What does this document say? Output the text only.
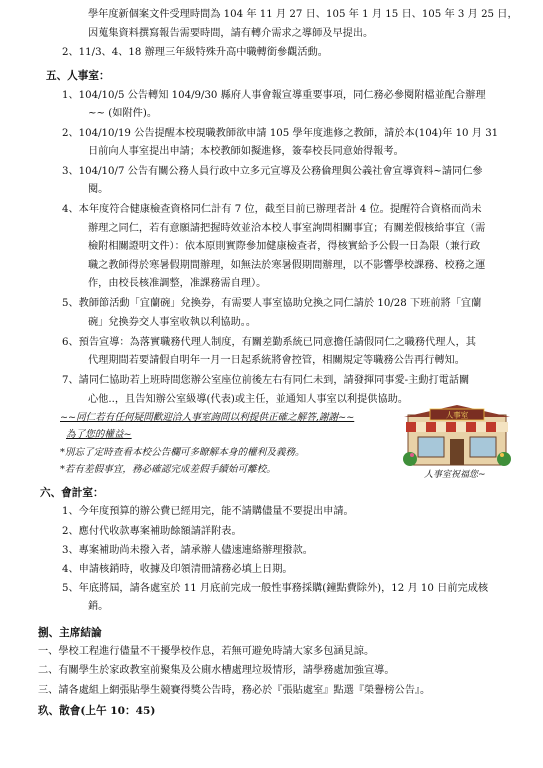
學年度新個案文件受理時間為 104 年 11 月 27 日、105 年 1 月 15 日、105 年 3 月 25 日，
因蒐集資料撰寫報告需要時間，請有轉介需求之導師及早提出。
2、11/3、4、18 辦理三年級特殊升高中職轉銜參觀活動。
五、人事室：
1、104/10/5 公告轉知 104/9/30 縣府人事會報宣導重要事項，同仁務必參閱附檔並配合辦理
~~ (如附件)。
2、104/10/19 公告提醒本校現職教師欲申請 105 學年度進修之教師，請於本(104)年 10 月 31
日前向人事室提出申請；本校教師如擬進修，簽奉校長同意始得報考。
3、104/10/7 公告有關公務人員行政中立多元宣導及公務倫理與公義社會宣導資料~請同仁參
閱。
4、本年度符合健康檢查資格同仁計有 7 位，截至目前已辦理者計 4 位。提醒符合資格而尚未
辦理之同仁，若有意願請把握時效並洽本校人事室詢問相關事宜；有關差假核給事宜（需
檢附相關證明文件）：依本原則實際參加健康檢查者，得核實給予公假一日為限（兼行政
職之教師得於寒暑假期間辦理，如無法於寒暑假期間辦理，以不影響學校課務、校務之運
作，由校長核准調整，准課務需自理）。
5、教師節活動「宜蘭碗」兌換券，有需要人事室協助兌換之同仁請於 10/28 下班前將「宜蘭
碗」兌換券交人事室收執以利協助。。
6、預告宣導：為落實職務代理人制度，有關差勤系統已同意擔任請假同仁之職務代理人，其
代理期間若要請假自明年一月一日起系統將會控管，相關規定等職務公告再行轉知。
7、請同仁協助若上班時間您辦公室座位前後左右有同仁未到，請發揮同事愛-主動打電話關
心他..，且告知辦公室級導(代表)或主任，並通知人事室以利提供協助。
~~同仁若有任何疑問歡迎洽人事室詢問以利提供正確之解答,謝謝~~
為了您的權益~
*別忘了定時查看本校公告欄可多瞭解本身的權利及義務。
*若有差假事宜，務必確認完成差假手續始可離校。
人事室
人事室祝福您~
六、會計室：
1、今年度預算的辦公費已經用完，能不請購儘量不要提出申請。
2、應付代收款專案補助餘額請詳附表。
3、專案補助尚未撥入者，請承辦人儘速連絡辦理撥款。
4、申請核銷時，收據及印領清冊請務必填上日期。
5、年底將屆，請各處室於 11 月底前完成一般性事務採購(鐘點費除外)，12 月 10 日前完成核
銷。
捌、主席結論
一、學校工程進行儘量不干擾學校作息，若無可避免時請大家多包涵見諒。
二、有關學生於家政教室前聚集及公廁水槽處理垃圾情形，請學務處加強宣導。
三、請各處組上網張貼學生競賽得獎公告時，務必於『張貼處室』點選『榮譽榜公告』。
玖、散會(上午 10：45)
